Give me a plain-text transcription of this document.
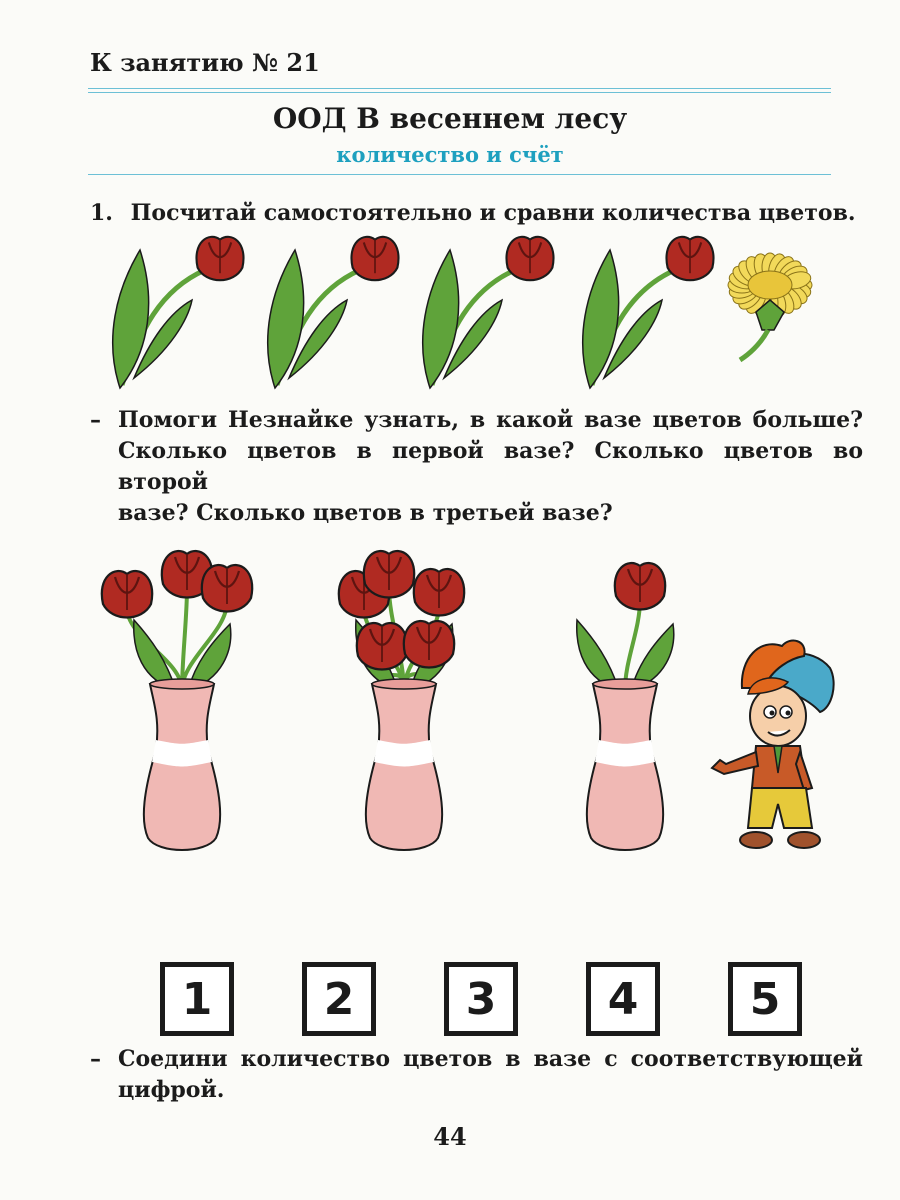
К занятию № 21
ООД В весеннем лесу
количество и счёт
1. Посчитай самостоятельно и сравни количества цветов.
– Помоги Незнайке узнать, в какой вазе цветов больше?
Сколько цветов в первой вазе? Сколько цветов во второй
вазе? Сколько цветов в третьей вазе?
1	2	3	4	5
– Соедини количество цветов в вазе с соответствующей
цифрой.
44
